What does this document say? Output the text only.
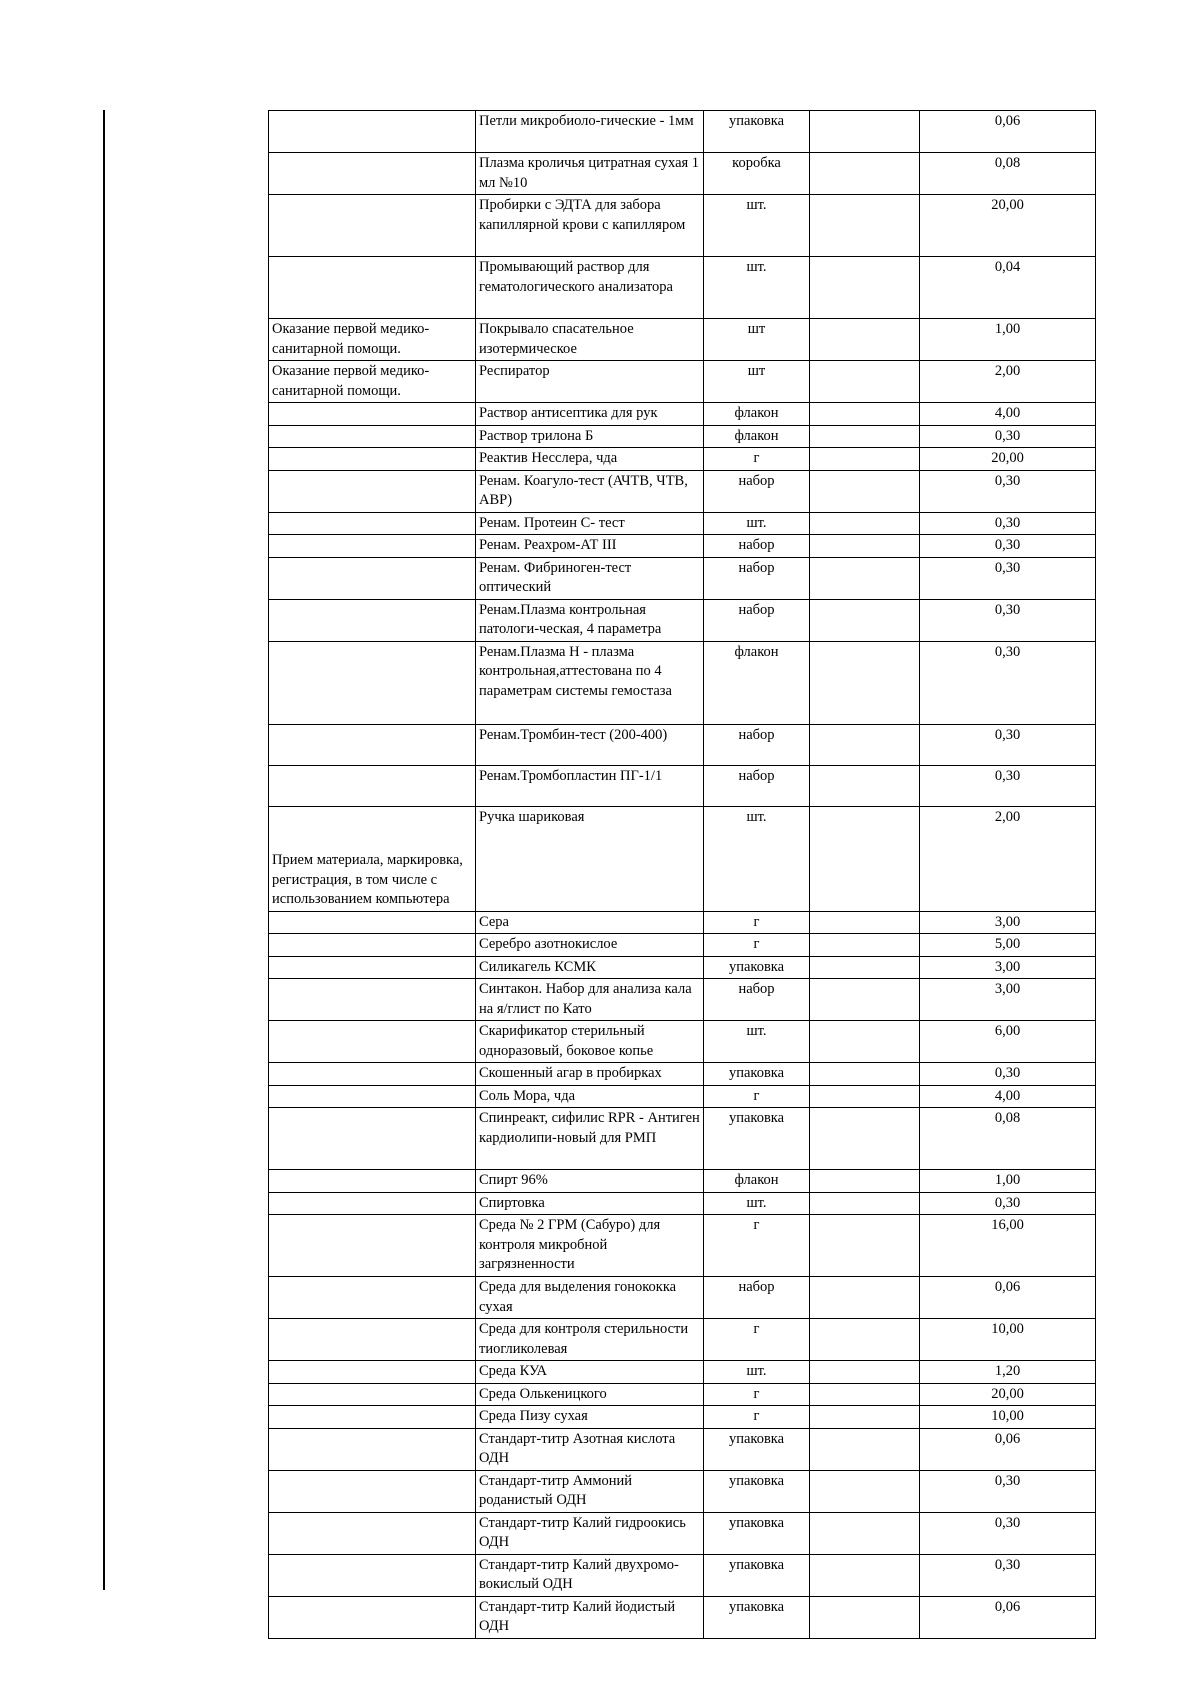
	Петли микробиоло-гические - 1мм	упаковка		0,06
	Плазма кроличья цитратная сухая 1 мл №10	коробка		0,08
	Пробирки с ЭДТА для забора капиллярной крови с капилляром	шт.		20,00
	Промывающий раствор для гематологического анализатора	шт.		0,04
Оказание первой медико-санитарной помощи.	Покрывало спасательное изотермическое	шт		1,00
Оказание первой медико-санитарной помощи.	Респиратор	шт		2,00
	Раствор антисептика для рук	флакон		4,00
	Раствор трилона Б	флакон		0,30
	Реактив Несслера, чда	г		20,00
	Ренам. Коагуло-тест (АЧТВ, ЧТВ, АВР)	набор		0,30
	Ренам. Протеин С- тест	шт.		0,30
	Ренам. Реахром-АТ III	набор		0,30
	Ренам. Фибриноген-тест оптический	набор		0,30
	Ренам.Плазма контрольная патологи-ческая, 4 параметра	набор		0,30
	Ренам.Плазма Н - плазма контрольная,аттестована по 4 параметрам системы гемостаза	флакон		0,30
	Ренам.Тромбин-тест (200-400)	набор		0,30
	Ренам.Тромбопластин ПГ-1/1	набор		0,30
Прием материала, маркировка, регистрация, в том числе с использованием компьютера	Ручка шариковая	шт.		2,00
	Сера	г		3,00
	Серебро азотнокислое	г		5,00
	Силикагель КСМК	упаковка		3,00
	Синтакон. Набор для анализа кала на я/глист по Като	набор		3,00
	Скарификатор стерильный одноразовый, боковое копье	шт.		6,00
	Скошенный агар в пробирках	упаковка		0,30
	Соль Мора, чда	г		4,00
	Спинреакт, сифилис RPR - Антиген кардиолипи-новый для РМП	упаковка		0,08
	Спирт 96%	флакон		1,00
	Спиртовка	шт.		0,30
	Среда № 2 ГРМ (Сабуро) для контроля микробной загрязненности	г		16,00
	Среда для выделения гонококка сухая	набор		0,06
	Среда для контроля стерильности тиогликолевая	г		10,00
	Среда КУА	шт.		1,20
	Среда Олькеницкого	г		20,00
	Среда Пизу сухая	г		10,00
	Стандарт-титр Азотная кислота ОДН	упаковка		0,06
	Стандарт-титр Аммоний роданистый ОДН	упаковка		0,30
	Стандарт-титр Калий гидроокись ОДН	упаковка		0,30
	Стандарт-титр Калий двухромо-вокислый ОДН	упаковка		0,30
	Стандарт-титр Калий йодистый ОДН	упаковка		0,06
